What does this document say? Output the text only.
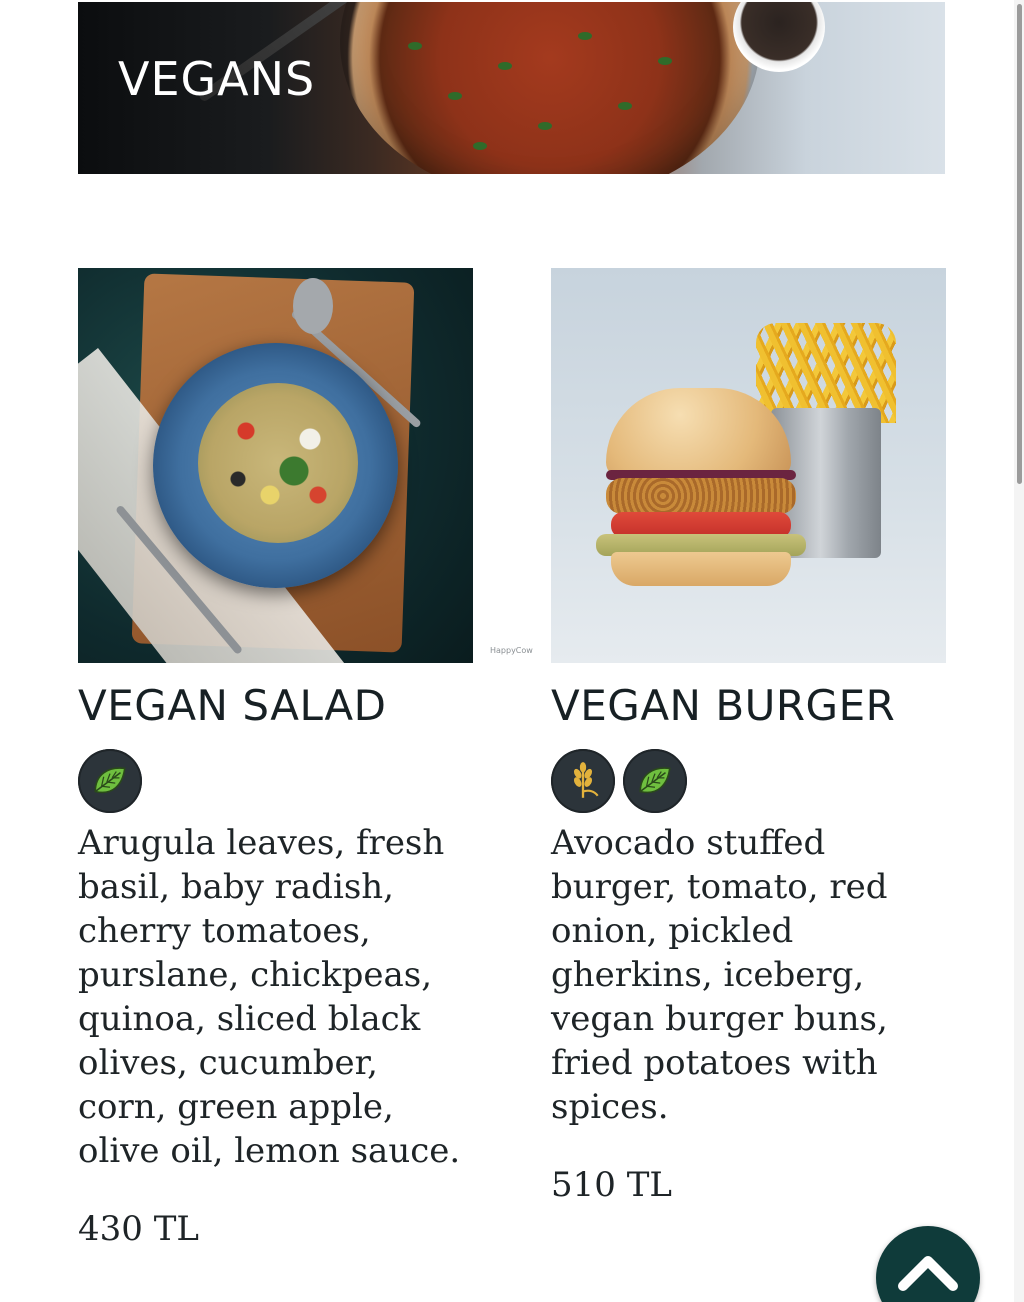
VEGANS
VEGAN SALAD

Arugula leaves, fresh basil, baby radish, cherry tomatoes, purslane, chickpeas, quinoa, sliced black olives, cucumber, corn, green apple, olive oil, lemon sauce.

430 TL
HappyCow
VEGAN BURGER

Avocado stuffed burger, tomato, red onion, pickled gherkins, iceberg, vegan burger buns, fried potatoes with spices.

510 TL
